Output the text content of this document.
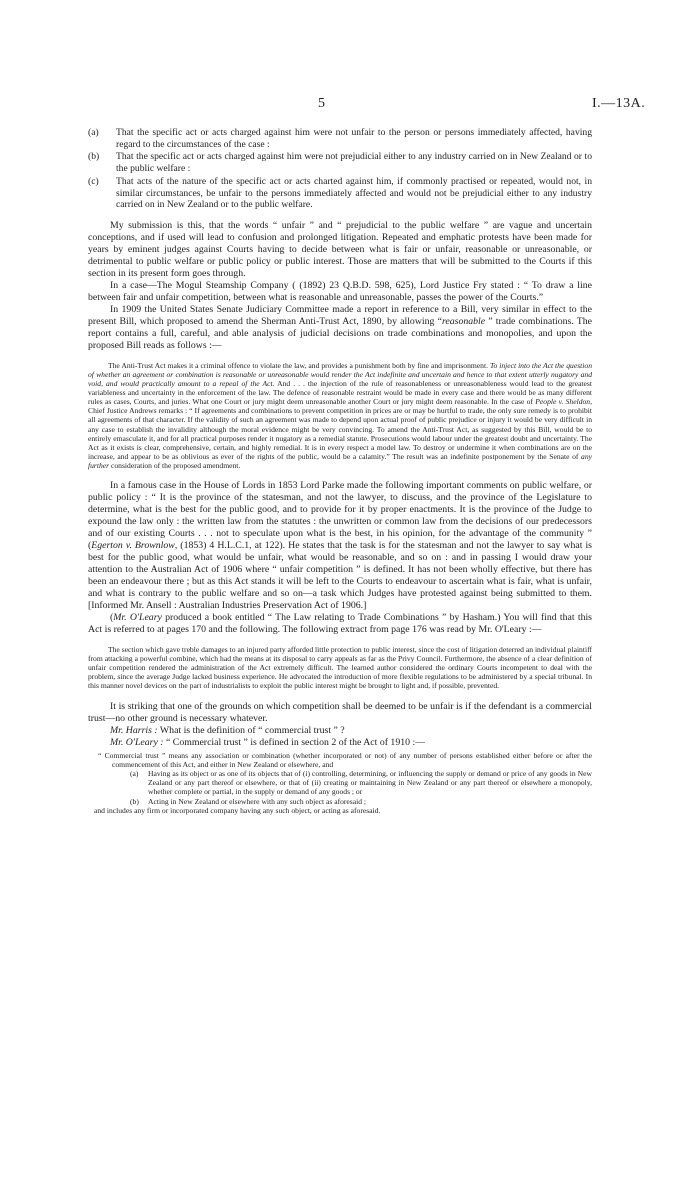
5	I.—13A.
(a) That the specific act or acts charged against him were not unfair to the person or persons immediately affected, having regard to the circumstances of the case :
(b) That the specific act or acts charged against him were not prejudicial either to any industry carried on in New Zealand or to the public welfare :
(c) That acts of the nature of the specific act or acts charted against him, if commonly practised or repeated, would not, in similar circumstances, be unfair to the persons immediately affected and would not be prejudicial either to any industry carried on in New Zealand or to the public welfare.

My submission is this, that the words “ unfair ” and “ prejudicial to the public welfare ” are vague and uncertain conceptions, and if used will lead to confusion and prolonged litigation. Repeated and emphatic protests have been made for years by eminent judges against Courts having to decide between what is fair or unfair, reasonable or unreasonable, or detrimental to public welfare or public policy or public interest. Those are matters that will be submitted to the Courts if this section in its present form goes through.

In a case—The Mogul Steamship Company ( (1892) 23 Q.B.D. 598, 625), Lord Justice Fry stated : “ To draw a line between fair and unfair competition, between what is reasonable and unreasonable, passes the power of the Courts.”

In 1909 the United States Senate Judiciary Committee made a report in reference to a Bill, very similar in effect to the present Bill, which proposed to amend the Sherman Anti-Trust Act, 1890, by allowing “reasonable ” trade combinations. The report contains a full, careful, and able analysis of judicial decisions on trade combinations and monopolies, and upon the proposed Bill reads as follows :—

The Anti-Trust Act makes it a criminal offence to violate the law, and provides a punishment both by fine and imprisonment. To inject into the Act the question of whether an agreement or combination is reasonable or unreasonable would render the Act indefinite and uncertain and hence to that extent utterly nugatory and void, and would practically amount to a repeal of the Act. And . . . the injection of the rule of reasonableness or unreasonableness would lead to the greatest variableness and uncertainty in the enforcement of the law. The defence of reasonable restraint would be made in every case and there would be as many different rules as cases, Courts, and juries. What one Court or jury might deem unreasonable another Court or jury might deem reasonable. In the case of People v. Sheldon, Chief Justice Andrews remarks : “ If agreements and combinations to prevent competition in prices are or may be hurtful to trade, the only sure remedy is to prohibit all agreements of that character. If the validity of such an agreement was made to depend upon actual proof of public prejudice or injury it would be very difficult in any case to establish the invalidity although the moral evidence might be very convincing. To amend the Anti-Trust Act, as suggested by this Bill, would be to entirely emasculate it, and for all practical purposes render it nugatory as a remedial statute. Prosecutions would labour under the greatest doubt and uncertainty. The Act as it exists is clear, comprehensive, certain, and highly remedial. It is in every respect a model law. To destroy or undermine it when combinations are on the increase, and appear to be as oblivious as ever of the rights of the public, would be a calamity.” The result was an indefinite postponement by the Senate of any further consideration of the proposed amendment.

In a famous case in the House of Lords in 1853 Lord Parke made the following important comments on public welfare, or public policy : “ It is the province of the statesman, and not the lawyer, to discuss, and the province of the Legislature to determine, what is the best for the public good, and to provide for it by proper enactments. It is the province of the Judge to expound the law only : the written law from the statutes : the unwritten or common law from the decisions of our predecessors and of our existing Courts . . . not to speculate upon what is the best, in his opinion, for the advantage of the community ” (Egerton v. Brownlow, (1853) 4 H.L.C.1, at 122). He states that the task is for the statesman and not the lawyer to say what is best for the public good, what would be unfair, what would be reasonable, and so on : and in passing I would draw your attention to the Australian Act of 1906 where “ unfair competition ” is defined. It has not been wholly effective, but there has been an endeavour there ; but as this Act stands it will be left to the Courts to endeavour to ascertain what is fair, what is unfair, and what is contrary to the public welfare and so on—a task which Judges have protested against being submitted to them. [Informed Mr. Ansell : Australian Industries Preservation Act of 1906.]

(Mr. O'Leary produced a book entitled “ The Law relating to Trade Combinations ” by Hasham.) You will find that this Act is referred to at pages 170 and the following. The following extract from page 176 was read by Mr. O'Leary :—

The section which gave treble damages to an injured party afforded little protection to public interest, since the cost of litigation deterred an individual plaintiff from attacking a powerful combine, which had the means at its disposal to carry appeals as far as the Privy Council. Furthermore, the absence of a clear definition of unfair competition rendered the administration of the Act extremely difficult. The learned author considered the ordinary Courts incompetent to deal with the problem, since the average Judge lacked business experience. He advocated the introduction of more flexible regulations to be administered by a special tribunal. In this manner novel devices on the part of industrialists to exploit the public interest might be brought to light and, if possible, prevented.

It is striking that one of the grounds on which competition shall be deemed to be unfair is if the defendant is a commercial trust—no other ground is necessary whatever.

Mr. Harris : What is the definition of “ commercial trust ” ?

Mr. O'Leary : “ Commercial trust ” is defined in section 2 of the Act of 1910 :—

“ Commercial trust ” means any association or combination (whether incorporated or not) of any number of persons established either before or after the commencement of this Act, and either in New Zealand or elsewhere, and
(a) Having as its object or as one of its objects that of (i) controlling, determining, or influencing the supply or demand or price of any goods in New Zealand or any part thereof or elsewhere, or that of (ii) creating or maintaining in New Zealand or any part thereof or elsewhere a monopoly, whether complete or partial, in the supply or demand of any goods ; or
(b) Acting in New Zealand or elsewhere with any such object as aforesaid ;
and includes any firm or incorporated company having any such object, or acting as aforesaid.
